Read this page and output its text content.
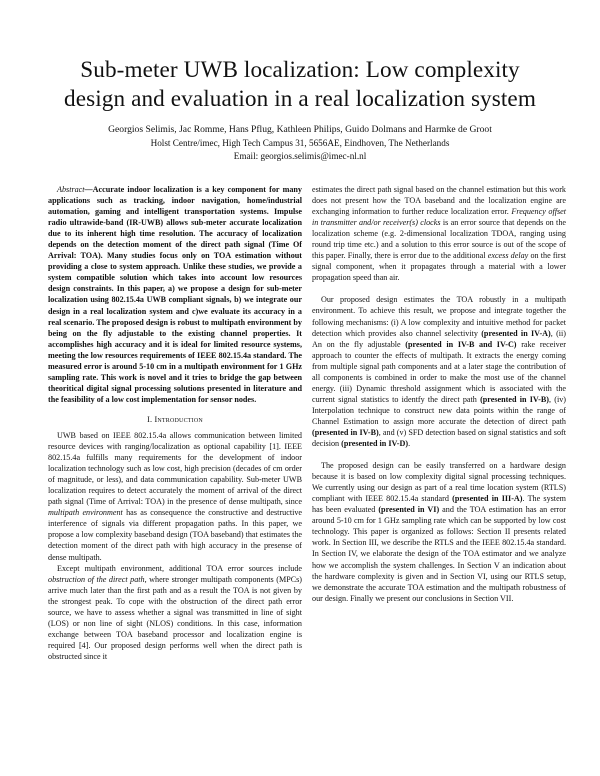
Sub-meter UWB localization: Low complexity
design and evaluation in a real localization system
Georgios Selimis, Jac Romme, Hans Pflug, Kathleen Philips, Guido Dolmans and Harmke de Groot
Holst Centre/imec, High Tech Campus 31, 5656AE, Eindhoven, The Netherlands
Email: georgios.selimis@imec-nl.nl

Abstract—Accurate indoor localization is a key component for many applications such as tracking, indoor navigation, home/industrial automation, gaming and intelligent transportation systems. Impulse radio ultrawide-band (IR-UWB) allows sub-meter accurate localization due to its inherent high time resolution. The accuracy of localization depends on the detection moment of the direct path signal (Time Of Arrival: TOA). Many studies focus only on TOA estimation without providing a close to system approach. Unlike these studies, we provide a system compatible solution which takes into account low resources design constraints. In this paper, a) we propose a design for sub-meter localization using 802.15.4a UWB compliant signals, b) we integrate our design in a real localization system and c)we evaluate its accuracy in a real scenario. The proposed design is robust to multipath environment by being on the fly adjustable to the existing channel properties. It accomplishes high accuracy and it is ideal for limited resource systems, meeting the low resources requirements of IEEE 802.15.4a standard. The measured error is around 5-10 cm in a multipath environment for 1 GHz sampling rate. This work is novel and it tries to bridge the gap between theoritical digital signal processing solutions presented in literature and the feasibility of a low cost implementation for sensor nodes.

I. Introduction

UWB based on IEEE 802.15.4a allows communication between limited resource devices with ranging/localization as optional capability [1]. IEEE 802.15.4a fulfills many requirements for the development of indoor localization technology such as low cost, high precision (decades of cm order of magnitude, or less), and data communication capability. Sub-meter UWB localization requires to detect accurately the moment of arrival of the direct path signal (Time of Arrival: TOA) in the presence of dense multipath, since multipath environment has as consequence the constructive and destructive interference of signals via different propagation paths. In this paper, we propose a low complexity baseband design (TOA baseband) that estimates the detection moment of the direct path with high accuracy in the presense of dense multipath.

Except multipath environment, additional TOA error sources include obstruction of the direct path, where stronger multipath components (MPCs) arrive much later than the first path and as a result the TOA is not given by the strongest peak. To cope with the obstruction of the direct path error source, we have to assess whether a signal was transmitted in line of sight (LOS) or non line of sight (NLOS) conditions. In this case, information exchange between TOA baseband processor and localization engine is required [4]. Our proposed design performs well when the direct path is obstructed since it

estimates the direct path signal based on the channel estimation but this work does not present how the TOA baseband and the localization engine are exchanging information to further reduce localization error. Frequency offset in transmitter and/or receiver(s) clocks is an error source that depends on the localization scheme (e.g. 2-dimensional localization TDOA, ranging using round trip time etc.) and a solution to this error source is out of the scope of this paper. Finally, there is error due to the additional excess delay on the first signal component, when it propagates through a material with a lower propagation speed than air.

Our proposed design estimates the TOA robustly in a multipath environment. To achieve this result, we propose and integrate together the following mechanisms: (i) A low complexity and intuitive method for packet detection which provides also channel selectivity (presented in IV-A), (ii) An on the fly adjustable (presented in IV-B and IV-C) rake receiver approach to counter the effects of multipath. It extracts the energy coming from multiple signal path components and at a later stage the contribution of all components is combined in order to make the most use of the channel energy. (iii) Dynamic threshold assignment which is associated with the current signal statistics to identfy the direct path (presented in IV-B), (iv) Interpolation technique to construct new data points within the range of Channel Estimation to assign more accurate the detection of direct path (presented in IV-B), and (v) SFD detection based on signal statistics and soft decision (presented in IV-D).

The proposed design can be easily transferred on a hardware design because it is based on low complexity digital signal processing techniques. We currently using our design as part of a real time location system (RTLS) compliant with IEEE 802.15.4a standard (presented in III-A). The system has been evaluated (presented in VI) and the TOA estimation has an error around 5-10 cm for 1 GHz sampling rate which can be supported by low cost technology. This paper is organized as follows: Section II presents related work. In Section III, we describe the RTLS and the IEEE 802.15.4a standard. In Section IV, we elaborate the design of the TOA estimator and we analyze how we accomplish the system challenges. In Section V an indication about the hardware complexity is given and in Section VI, using our RTLS setup, we demonstrate the accurate TOA estimation and the multipath robustness of our design. Finally we present our conclusions in Section VII.
